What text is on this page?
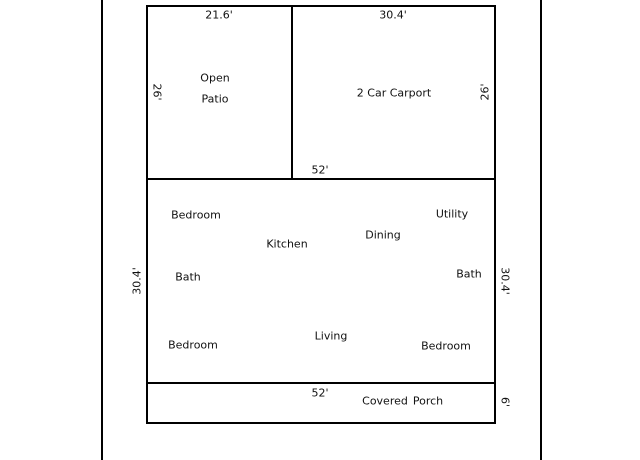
21.6'	30.4'
26'	26'
52'
30.4'	30.4'
52'
6'
Open
Patio	2 Car Carport
Bedroom
Kitchen
Dining
Utility
Bath	Bath
Living
Bedroom	Bedroom
Covered Porch
